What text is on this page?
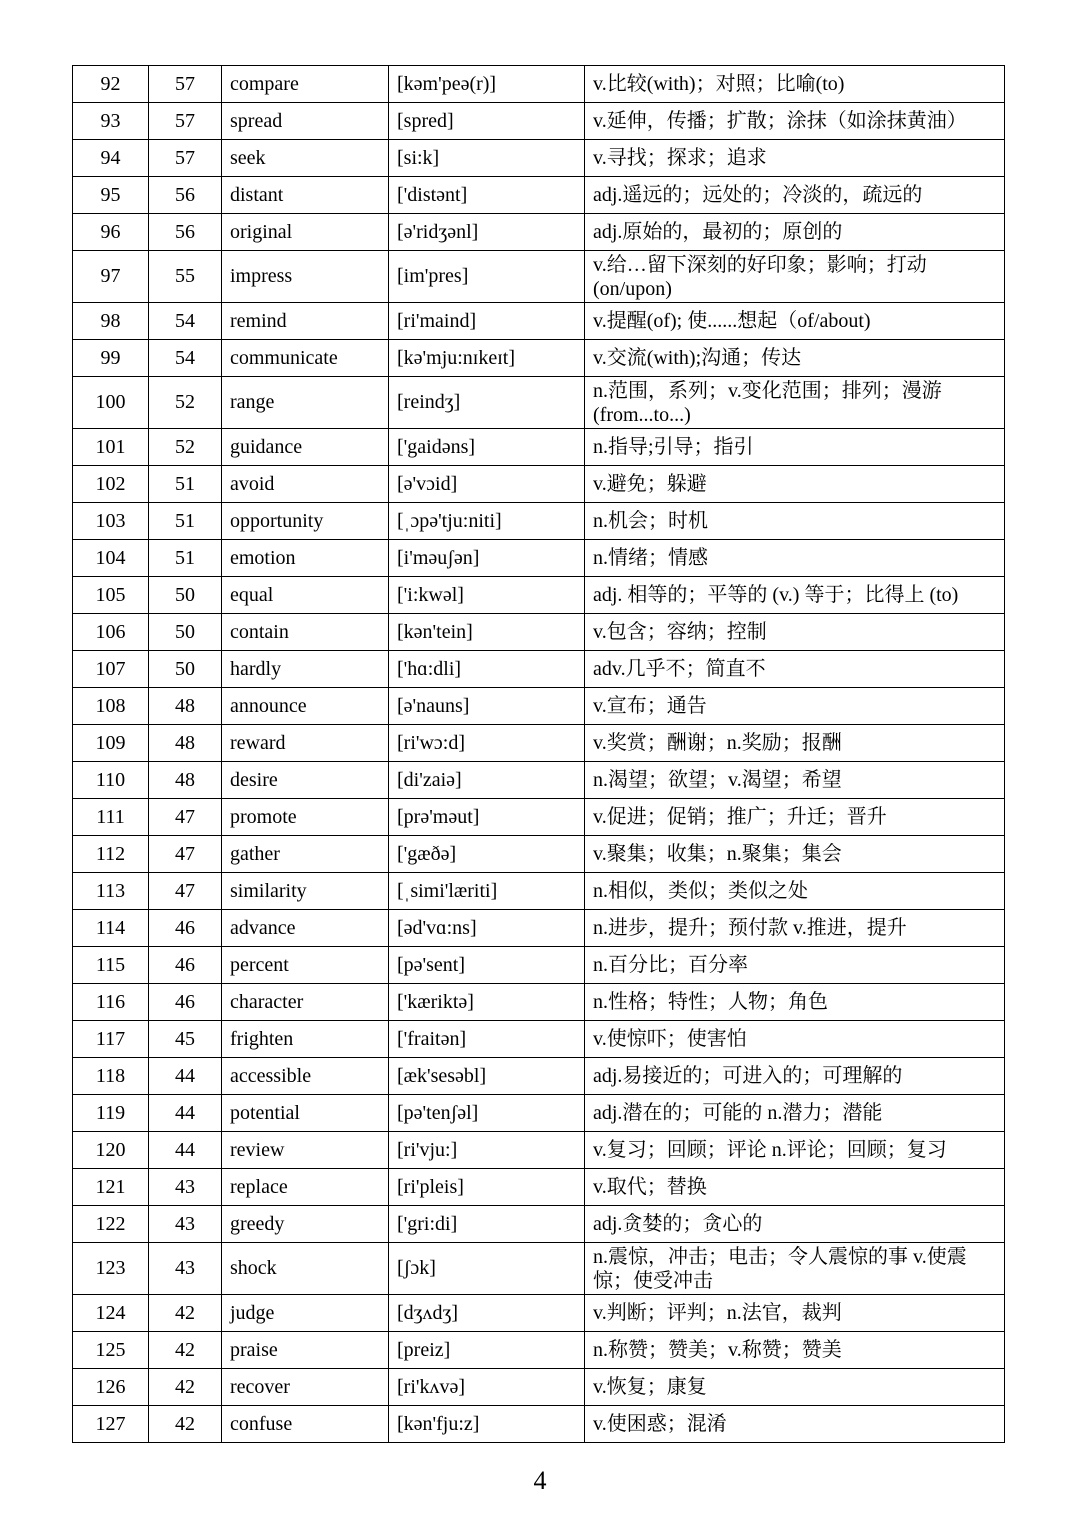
92	57	compare	[kəm'peə(r)]	v.比较(with)；对照；比喻(to)

93	57	spread	[spred]	v.延伸，传播；扩散；涂抹（如涂抹黄油）

94	57	seek	[si:k]	v.寻找；探求；追求

95	56	distant	['distənt]	adj.遥远的；远处的；冷淡的，疏远的

96	56	original	[ə'ridʒənl]	adj.原始的，最初的；原创的

97	55	impress	[im'pres]	v.给…留下深刻的好印象；影响；打动(on/upon)

98	54	remind	[ri'maind]	v.提醒(of); 使......想起（of/about)

99	54	communicate	[kə'mju:nɪkeɪt]	v.交流(with);沟通；传达

100	52	range	[reindʒ]	n.范围，系列；v.变化范围；排列；漫游(from...to...)

101	52	guidance	['gaidəns]	n.指导;引导；指引

102	51	avoid	[ə'vɔid]	v.避免；躲避

103	51	opportunity	[ˌɔpə'tju:niti]	n.机会；时机

104	51	emotion	[i'məuʃən]	n.情绪；情感

105	50	equal	['i:kwəl]	adj. 相等的；平等的 (v.) 等于；比得上 (to)

106	50	contain	[kən'tein]	v.包含；容纳；控制

107	50	hardly	['hɑ:dli]	adv.几乎不；简直不

108	48	announce	[ə'nauns]	v.宣布；通告

109	48	reward	[ri'wɔ:d]	v.奖赏；酬谢；n.奖励；报酬

110	48	desire	[di'zaiə]	n.渴望；欲望；v.渴望；希望

111	47	promote	[prə'məut]	v.促进；促销；推广；升迁；晋升

112	47	gather	['gæðə]	v.聚集；收集；n.聚集；集会

113	47	similarity	[ˌsimi'læriti]	n.相似，类似；类似之处

114	46	advance	[əd'vɑ:ns]	n.进步，提升；预付款 v.推进，提升

115	46	percent	[pə'sent]	n.百分比；百分率

116	46	character	['kæriktə]	n.性格；特性；人物；角色

117	45	frighten	['fraitən]	v.使惊吓；使害怕

118	44	accessible	[æk'sesəbl]	adj.易接近的；可进入的；可理解的

119	44	potential	[pə'tenʃəl]	adj.潜在的；可能的 n.潜力；潜能

120	44	review	[ri'vju:]	v.复习；回顾；评论 n.评论；回顾；复习

121	43	replace	[ri'pleis]	v.取代；替换

122	43	greedy	['gri:di]	adj.贪婪的；贪心的

123	43	shock	[ʃɔk]	n.震惊，冲击；电击；令人震惊的事 v.使震惊；使受冲击

124	42	judge	[dʒʌdʒ]	v.判断；评判；n.法官，裁判

125	42	praise	[preiz]	n.称赞；赞美；v.称赞；赞美

126	42	recover	[ri'kʌvə]	v.恢复；康复

127	42	confuse	[kən'fju:z]	v.使困惑；混淆
4
